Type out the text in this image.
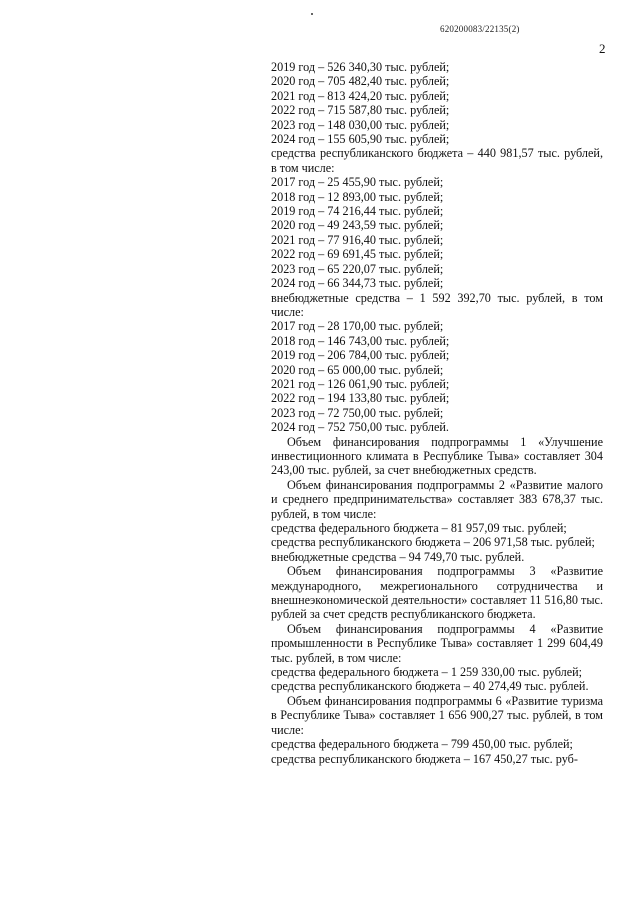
620200083/22135(2)
2
2019 год – 526 340,30 тыс. рублей;
2020 год – 705 482,40 тыс. рублей;
2021 год – 813 424,20 тыс. рублей;
2022 год – 715 587,80 тыс. рублей;
2023 год – 148 030,00 тыс. рублей;
2024 год – 155 605,90 тыс. рублей;
средства республиканского бюджета – 440 981,57 тыс. рублей, в том числе:
2017 год – 25 455,90 тыс. рублей;
2018 год – 12 893,00 тыс. рублей;
2019 год – 74 216,44 тыс. рублей;
2020 год – 49 243,59 тыс. рублей;
2021 год – 77 916,40 тыс. рублей;
2022 год – 69 691,45 тыс. рублей;
2023 год – 65 220,07 тыс. рублей;
2024 год – 66 344,73 тыс. рублей;
внебюджетные средства – 1 592 392,70 тыс. рублей, в том числе:
2017 год – 28 170,00 тыс. рублей;
2018 год – 146 743,00 тыс. рублей;
2019 год – 206 784,00 тыс. рублей;
2020 год – 65 000,00 тыс. рублей;
2021 год – 126 061,90 тыс. рублей;
2022 год – 194 133,80 тыс. рублей;
2023 год – 72 750,00 тыс. рублей;
2024 год – 752 750,00 тыс. рублей.
Объем финансирования подпрограммы 1 «Улучшение инвестиционного климата в Республике Тыва» составляет 304 243,00 тыс. рублей, за счет внебюджетных средств.
Объем финансирования подпрограммы 2 «Развитие малого и среднего предпринимательства» составляет 383 678,37 тыс. рублей, в том числе:
средства федерального бюджета – 81 957,09 тыс. рублей;
средства республиканского бюджета – 206 971,58 тыс. рублей;
внебюджетные средства – 94 749,70 тыс. рублей.
Объем финансирования подпрограммы 3 «Развитие международного, межрегионального сотрудничества и внешнеэкономической деятельности» составляет 11 516,80 тыс. рублей за счет средств республиканского бюджета.
Объем финансирования подпрограммы 4 «Развитие промышленности в Республике Тыва» составляет 1 299 604,49 тыс. рублей, в том числе:
средства федерального бюджета – 1 259 330,00 тыс. рублей;
средства республиканского бюджета – 40 274,49 тыс. рублей.
Объем финансирования подпрограммы 6 «Развитие туризма в Республике Тыва» составляет 1 656 900,27 тыс. рублей, в том числе:
средства федерального бюджета – 799 450,00 тыс. рублей;
средства республиканского бюджета – 167 450,27 тыс. руб-
